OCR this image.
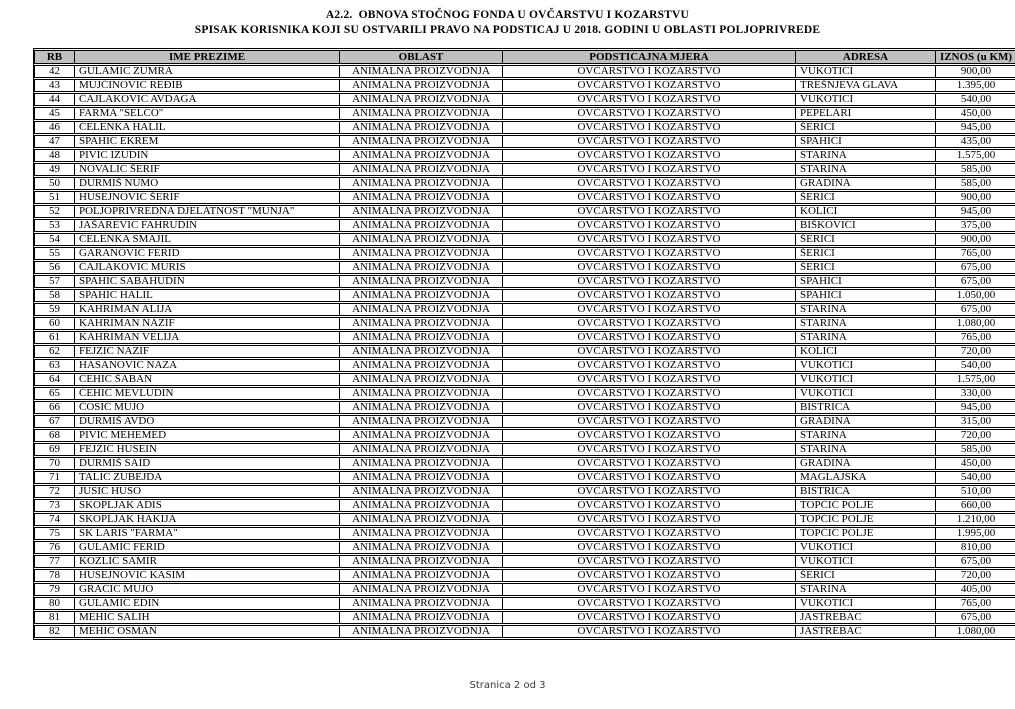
A2.2.  OBNOVA STOČNOG FONDA U OVČARSTVU I KOZARSTVU
SPISAK KORISNIKA KOJI SU OSTVARILI PRAVO NA PODSTICAJ U 2018. GODINI U OBLASTI POLJOPRIVREDE
RB	IME PREZIME	OBLAST	PODSTICAJNA MJERA	ADRESA	IZNOS (u KM)
42	GULAMIĆ ZUMRA	ANIMALNA PROIZVODNJA	OVČARSTVO I KOZARSTVO	VUKOTIĆI	900,00
43	MUJČINOVIĆ REĐIB	ANIMALNA PROIZVODNJA	OVČARSTVO I KOZARSTVO	TREŠNJEVA GLAVA	1.395,00
44	ČAJLAKOVIĆ AVDAGA	ANIMALNA PROIZVODNJA	OVČARSTVO I KOZARSTVO	VUKOTIĆI	540,00
45	FARMA "SELĆO"	ANIMALNA PROIZVODNJA	OVČARSTVO I KOZARSTVO	PEPELARI	450,00
46	ČELENKA HALIL	ANIMALNA PROIZVODNJA	OVČARSTVO I KOZARSTVO	ŠERIĆI	945,00
47	SPAHIĆ EKREM	ANIMALNA PROIZVODNJA	OVČARSTVO I KOZARSTVO	SPAHIĆI	435,00
48	PIVIĆ IZUDIN	ANIMALNA PROIZVODNJA	OVČARSTVO I KOZARSTVO	STARINA	1.575,00
49	NOVALIĆ ŠERIF	ANIMALNA PROIZVODNJA	OVČARSTVO I KOZARSTVO	STARINA	585,00
50	DURMIŠ NUMO	ANIMALNA PROIZVODNJA	OVČARSTVO I KOZARSTVO	GRADINA	585,00
51	HUSEJNOVIĆ ŠERIF	ANIMALNA PROIZVODNJA	OVČARSTVO I KOZARSTVO	ŠERIĆI	900,00
52	POLJOPRIVREDNA DJELATNOST "MUNJA"	ANIMALNA PROIZVODNJA	OVČARSTVO I KOZARSTVO	KOLIĆI	945,00
53	JAŠAREVIĆ FAHRUDIN	ANIMALNA PROIZVODNJA	OVČARSTVO I KOZARSTVO	BIŠKOVIĆI	375,00
54	ČELENKA SMAJIL	ANIMALNA PROIZVODNJA	OVČARSTVO I KOZARSTVO	ŠERIĆI	900,00
55	GARANOVIĆ FERID	ANIMALNA PROIZVODNJA	OVČARSTVO I KOZARSTVO	ŠERIĆI	765,00
56	ČAJLAKOVIĆ MURIS	ANIMALNA PROIZVODNJA	OVČARSTVO I KOZARSTVO	ŠERIĆI	675,00
57	SPAHIĆ SABAHUDIN	ANIMALNA PROIZVODNJA	OVČARSTVO I KOZARSTVO	SPAHIĆI	675,00
58	SPAHIĆ HALIL	ANIMALNA PROIZVODNJA	OVČARSTVO I KOZARSTVO	SPAHIĆI	1.050,00
59	KAHRIMAN ALIJA	ANIMALNA PROIZVODNJA	OVČARSTVO I KOZARSTVO	STARINA	675,00
60	KAHRIMAN NAZIF	ANIMALNA PROIZVODNJA	OVČARSTVO I KOZARSTVO	STARINA	1.080,00
61	KAHRIMAN VELIJA	ANIMALNA PROIZVODNJA	OVČARSTVO I KOZARSTVO	STARINA	765,00
62	FEJZIĆ NAZIF	ANIMALNA PROIZVODNJA	OVČARSTVO I KOZARSTVO	KOLIĆI	720,00
63	HASANOVIĆ NAZA	ANIMALNA PROIZVODNJA	OVČARSTVO I KOZARSTVO	VUKOTIĆI	540,00
64	ČEHIĆ ŠABAN	ANIMALNA PROIZVODNJA	OVČARSTVO I KOZARSTVO	VUKOTIĆI	1.575,00
65	ČEHIĆ MEVLUDIN	ANIMALNA PROIZVODNJA	OVČARSTVO I KOZARSTVO	VUKOTIĆI	330,00
66	ČOSIĆ MUJO	ANIMALNA PROIZVODNJA	OVČARSTVO I KOZARSTVO	BISTRICA	945,00
67	DURMIŠ AVDO	ANIMALNA PROIZVODNJA	OVČARSTVO I KOZARSTVO	GRADINA	315,00
68	PIVIĆ MEHEMED	ANIMALNA PROIZVODNJA	OVČARSTVO I KOZARSTVO	STARINA	720,00
69	FEJZIĆ HUSEIN	ANIMALNA PROIZVODNJA	OVČARSTVO I KOZARSTVO	STARINA	585,00
70	DURMIŠ SAID	ANIMALNA PROIZVODNJA	OVČARSTVO I KOZARSTVO	GRADINA	450,00
71	TALIĆ ZUBEJDA	ANIMALNA PROIZVODNJA	OVČARSTVO I KOZARSTVO	MAGLAJSKA	540,00
72	JUSIĆ HUSO	ANIMALNA PROIZVODNJA	OVČARSTVO I KOZARSTVO	BISTRICA	510,00
73	SKOPLJAK ADIS	ANIMALNA PROIZVODNJA	OVČARSTVO I KOZARSTVO	TOPČIĆ POLJE	660,00
74	SKOPLJAK HAKIJA	ANIMALNA PROIZVODNJA	OVČARSTVO I KOZARSTVO	TOPČIĆ POLJE	1.210,00
75	SK LARIS "FARMA"	ANIMALNA PROIZVODNJA	OVČARSTVO I KOZARSTVO	TOPČIĆ POLJE	1.995,00
76	GULAMIĆ FERID	ANIMALNA PROIZVODNJA	OVČARSTVO I KOZARSTVO	VUKOTIĆI	810,00
77	KOZLIĆ SAMIR	ANIMALNA PROIZVODNJA	OVČARSTVO I KOZARSTVO	VUKOTIĆI	675,00
78	HUSEJNOVIĆ KASIM	ANIMALNA PROIZVODNJA	OVČARSTVO I KOZARSTVO	ŠERIĆI	720,00
79	GRAČIĆ MUJO	ANIMALNA PROIZVODNJA	OVČARSTVO I KOZARSTVO	STARINA	405,00
80	GULAMIĆ EDIN	ANIMALNA PROIZVODNJA	OVČARSTVO I KOZARSTVO	VUKOTIĆI	765,00
81	MEHIĆ SALIH	ANIMALNA PROIZVODNJA	OVČARSTVO I KOZARSTVO	JASTREBAC	675,00
82	MEHIĆ OSMAN	ANIMALNA PROIZVODNJA	OVČARSTVO I KOZARSTVO	JASTREBAC	1.080,00
Stranica 2 od 3
